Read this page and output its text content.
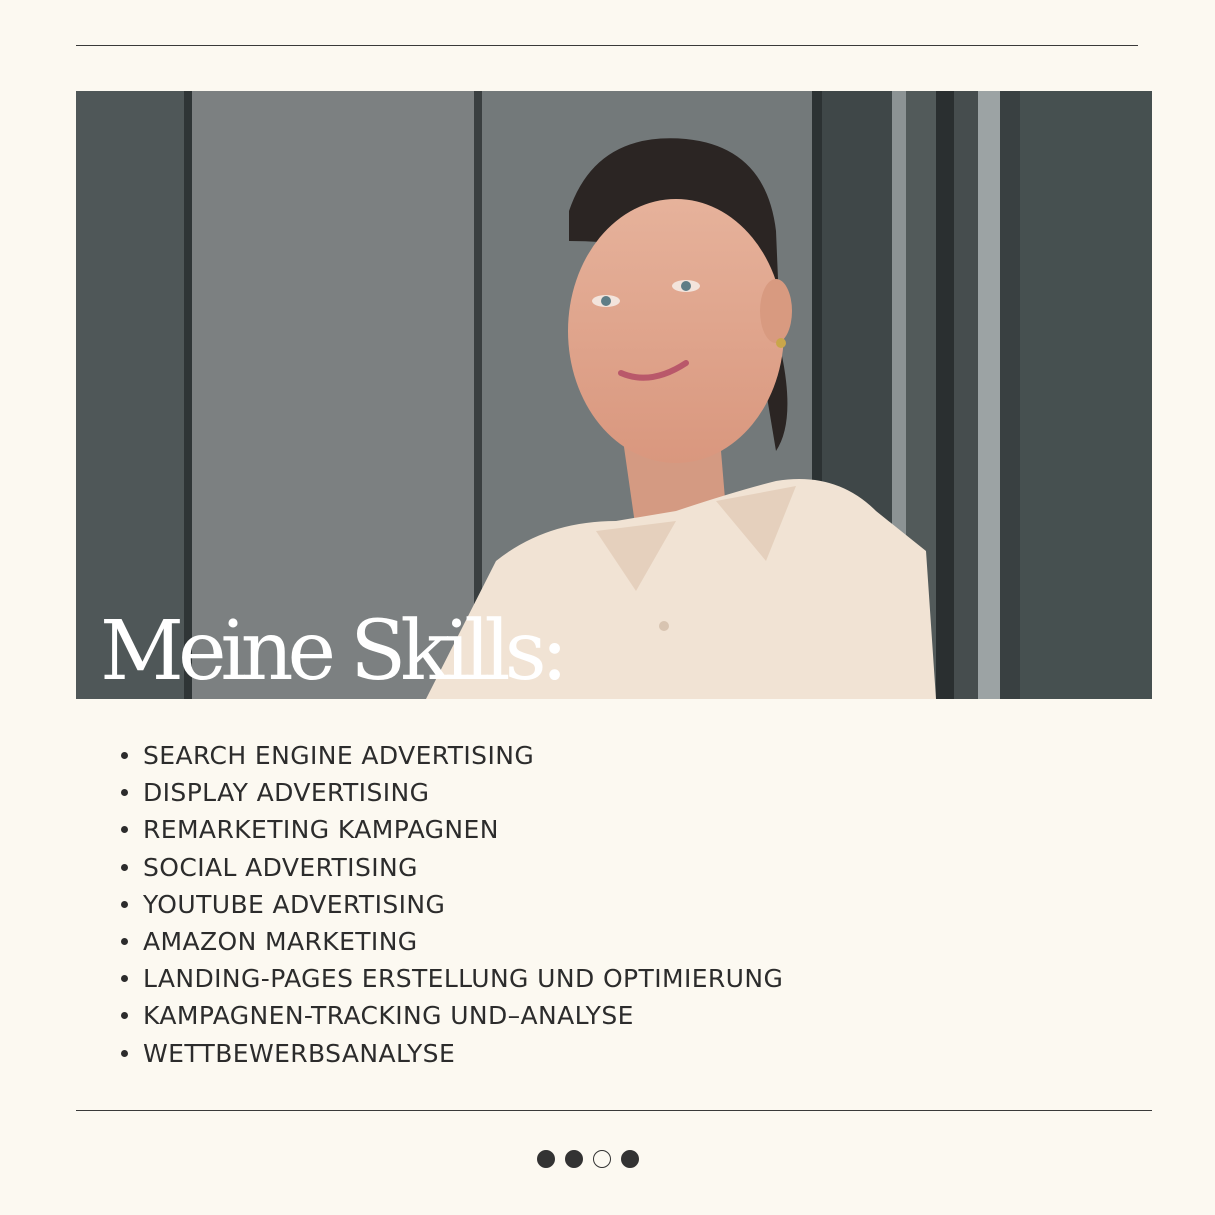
Meine Skills:
SEARCH ENGINE ADVERTISING
DISPLAY ADVERTISING
REMARKETING KAMPAGNEN
SOCIAL ADVERTISING
YOUTUBE ADVERTISING
AMAZON MARKETING
LANDING-PAGES ERSTELLUNG UND OPTIMIERUNG
KAMPAGNEN-TRACKING UND–ANALYSE
WETTBEWERBSANALYSE
